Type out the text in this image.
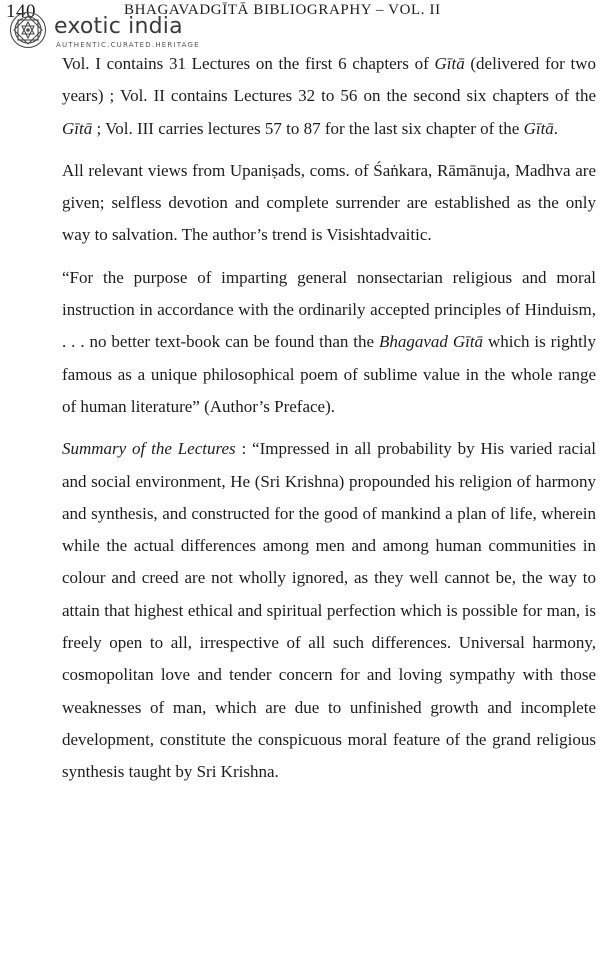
140	BHAGAVADGĪTĀ BIBLIOGRAPHY – VOL. II
exotic india
AUTHENTIC.CURATED.HERITAGE

Vol. I contains 31 Lectures on the first 6 chapters of Gītā (delivered for two years) ; Vol. II contains Lectures 32 to 56 on the second six chapters of the Gītā ; Vol. III carries lectures 57 to 87 for the last six chapter of the Gītā.

All relevant views from Upaniṣads, coms. of Śaṅkara, Rāmānuja, Madhva are given; selfless devotion and complete surrender are established as the only way to salvation. The author’s trend is Visishtadvaitic.

“For the purpose of imparting general nonsectarian religious and moral instruction in accordance with the ordinarily accepted principles of Hinduism, . . . no better text-book can be found than the Bhagavad Gītā which is rightly famous as a unique philosophical poem of sublime value in the whole range of human literature” (Author’s Preface).

Summary of the Lectures : “Impressed in all probability by His varied racial and social environment, He (Sri Krishna) propounded his religion of harmony and synthesis, and constructed for the good of mankind a plan of life, wherein while the actual differences among men and among human communities in colour and creed are not wholly ignored, as they well cannot be, the way to attain that highest ethical and spiritual perfection which is possible for man, is freely open to all, irrespective of all such differences. Universal harmony, cosmopolitan love and tender concern for and loving sympathy with those weaknesses of man, which are due to unfinished growth and incomplete development, constitute the conspicuous moral feature of the grand religious synthesis taught by Sri Krishna.
